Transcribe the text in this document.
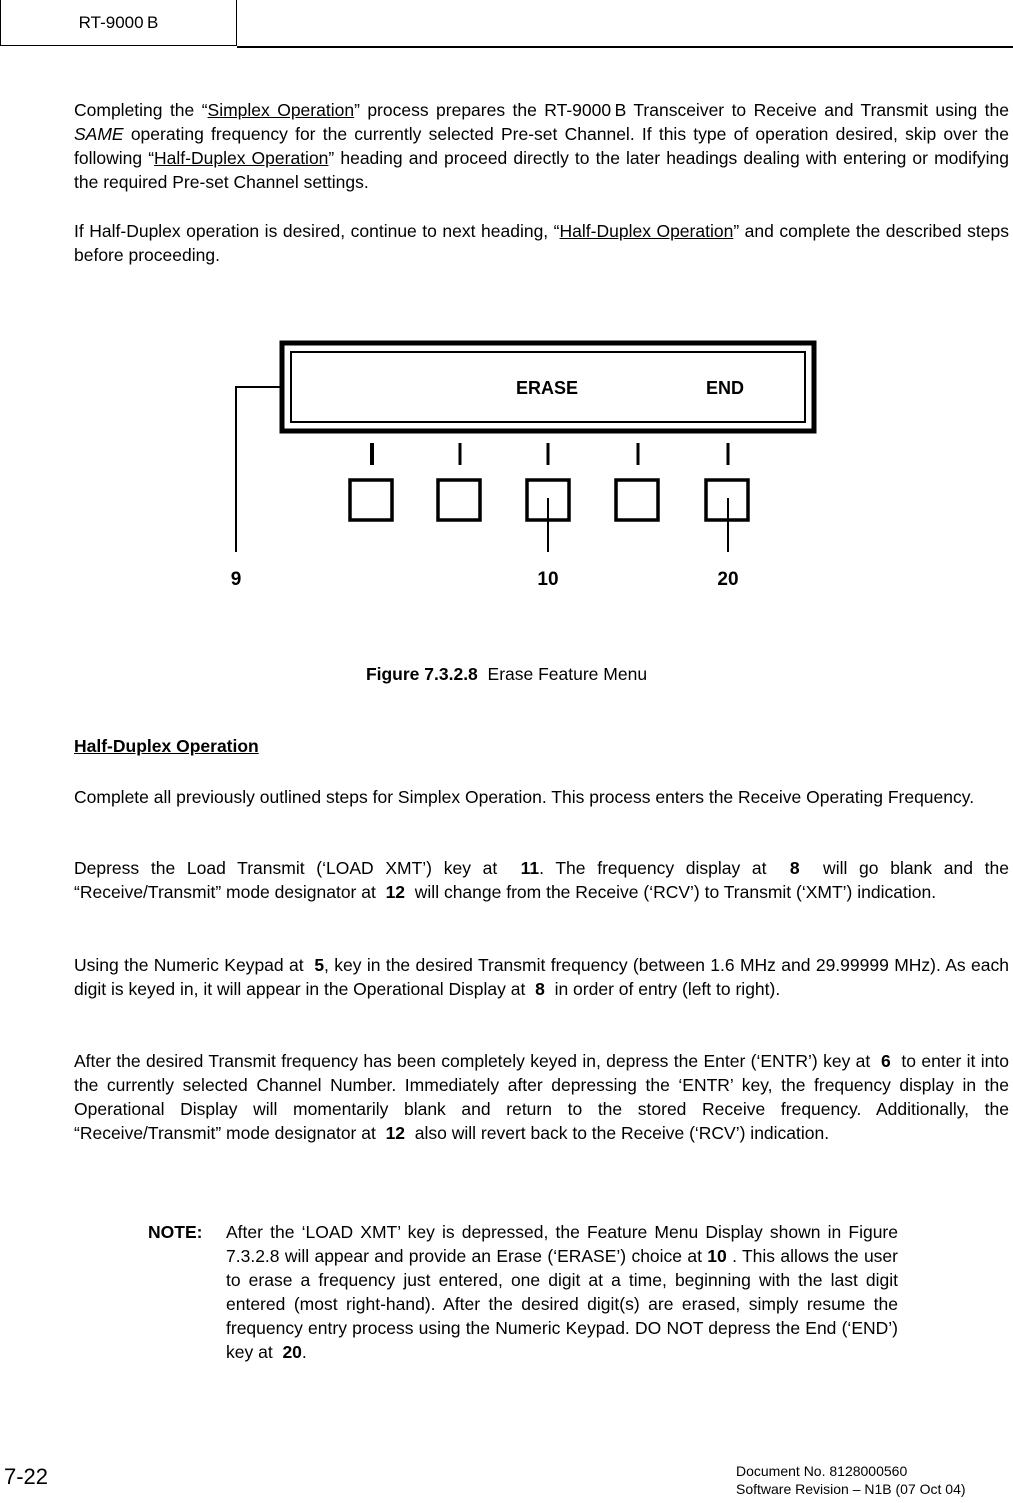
RT-9000 B

Completing the “Simplex Operation” process prepares the RT-9000 B Transceiver to Receive and Transmit using the SAME operating frequency for the currently selected Pre-set Channel. If this type of operation desired, skip over the following “Half-Duplex Operation” heading and proceed directly to the later headings dealing with entering or modifying the required Pre-set Channel settings.

If Half-Duplex operation is desired, continue to next heading, “Half-Duplex Operation” and complete the described steps before proceeding.

ERASE	END
9	10	20
Figure 7.3.2.8 Erase Feature Menu
Half-Duplex Operation

Complete all previously outlined steps for Simplex Operation. This process enters the Receive Operating Frequency.

Depress the Load Transmit (‘LOAD XMT’) key at  11. The frequency display at  8  will go blank and the “Receive/Transmit” mode designator at  12  will change from the Receive (‘RCV’) to Transmit (‘XMT’) indication.

Using the Numeric Keypad at  5, key in the desired Transmit frequency (between 1.6 MHz and 29.99999 MHz). As each digit is keyed in, it will appear in the Operational Display at  8  in order of entry (left to right).

After the desired Transmit frequency has been completely keyed in, depress the Enter (‘ENTR’) key at  6  to enter it into the currently selected Channel Number. Immediately after depressing the ‘ENTR’ key, the frequency display in the Operational Display will momentarily blank and return to the stored Receive frequency. Additionally, the “Receive/Transmit” mode designator at  12  also will revert back to the Receive (‘RCV’) indication.

NOTE: After the ‘LOAD XMT’ key is depressed, the Feature Menu Display shown in Figure 7.3.2.8 will appear and provide an Erase (‘ERASE’) choice at 10 . This allows the user to erase a frequency just entered, one digit at a time, beginning with the last digit entered (most right-hand). After the desired digit(s) are erased, simply resume the frequency entry process using the Numeric Keypad. DO NOT depress the End (‘END’) key at  20.
7-22	Document No. 8128000560
Software Revision – N1B (07 Oct 04)
